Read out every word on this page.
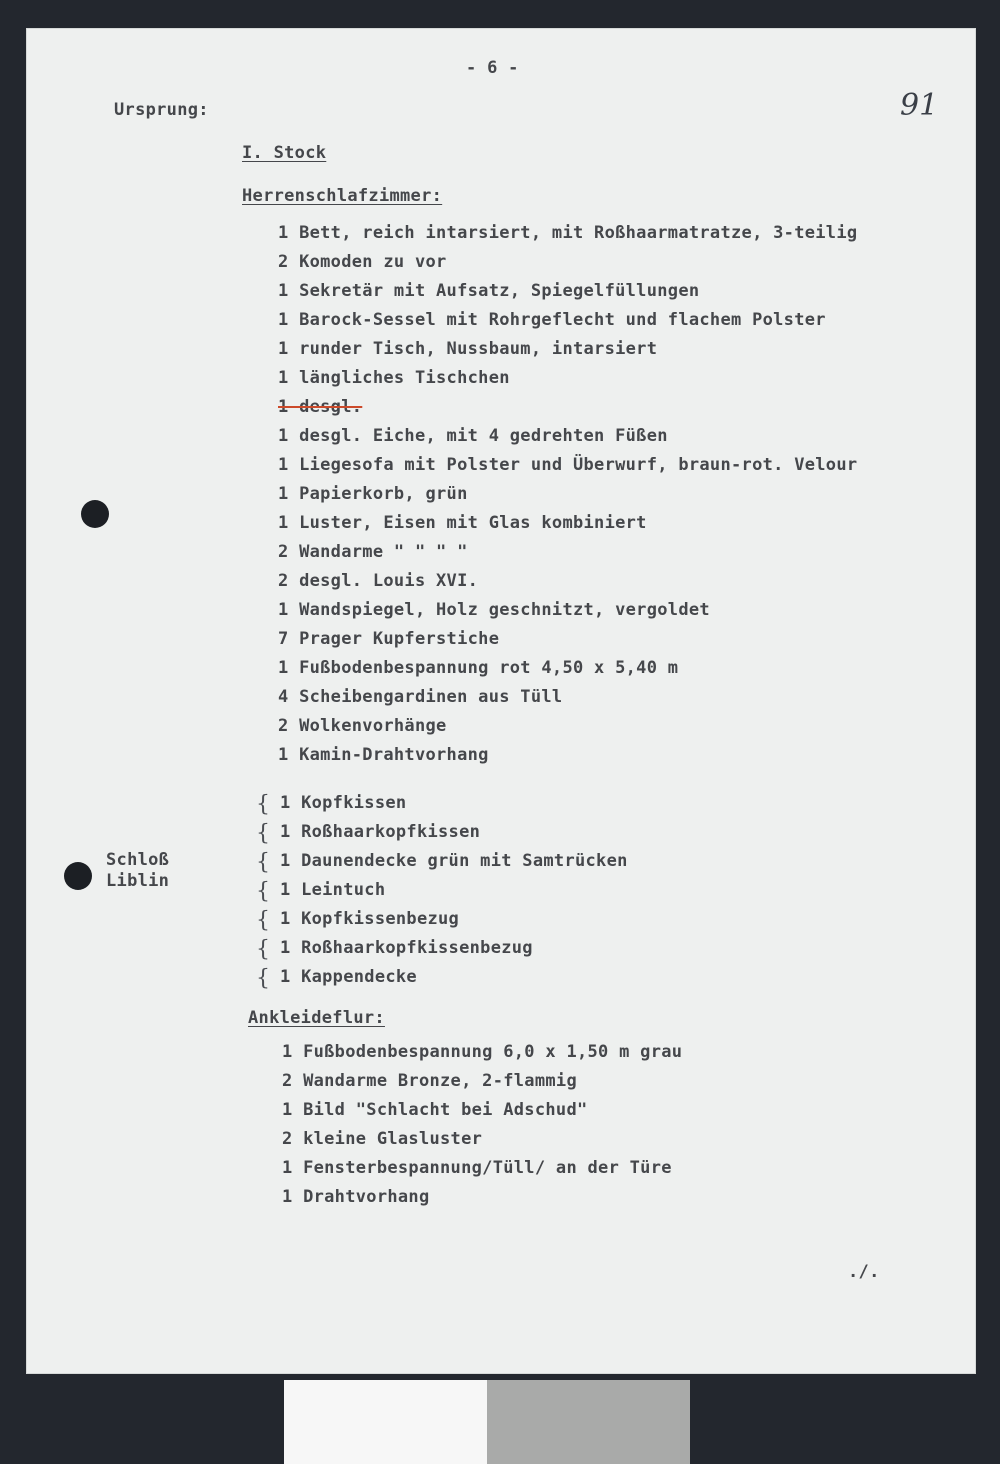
- 6 -
91
Ursprung:
I. Stock
Herrenschlafzimmer:
1 Bett, reich intarsiert, mit Roßhaarmatratze, 3-teilig
2 Komoden zu vor
1 Sekretär mit Aufsatz, Spiegelfüllungen
1 Barock-Sessel mit Rohrgeflecht und flachem Polster
1 runder Tisch, Nussbaum, intarsiert
1 längliches Tischchen
1 desgl.
1 desgl. Eiche, mit 4 gedrehten Füßen
1 Liegesofa mit Polster und Überwurf, braun-rot. Velour
1 Papierkorb, grün
1 Luster, Eisen mit Glas kombiniert
2 Wandarme " " " "
2 desgl. Louis XVI.
1 Wandspiegel, Holz geschnitzt, vergoldet
7 Prager Kupferstiche
1 Fußbodenbespannung rot 4,50 x 5,40 m
4 Scheibengardinen aus Tüll
2 Wolkenvorhänge
1 Kamin-Drahtvorhang
Schloß
Liblin
{
{
{
{
{
{
{
1 Kopfkissen
1 Roßhaarkopfkissen
1 Daunendecke grün mit Samtrücken
1 Leintuch
1 Kopfkissenbezug
1 Roßhaarkopfkissenbezug
1 Kappendecke
Ankleideflur:
1 Fußbodenbespannung 6,0 x 1,50 m grau
2 Wandarme Bronze, 2-flammig
1 Bild "Schlacht bei Adschud"
2 kleine Glasluster
1 Fensterbespannung/Tüll/ an der Türe
1 Drahtvorhang
./.
